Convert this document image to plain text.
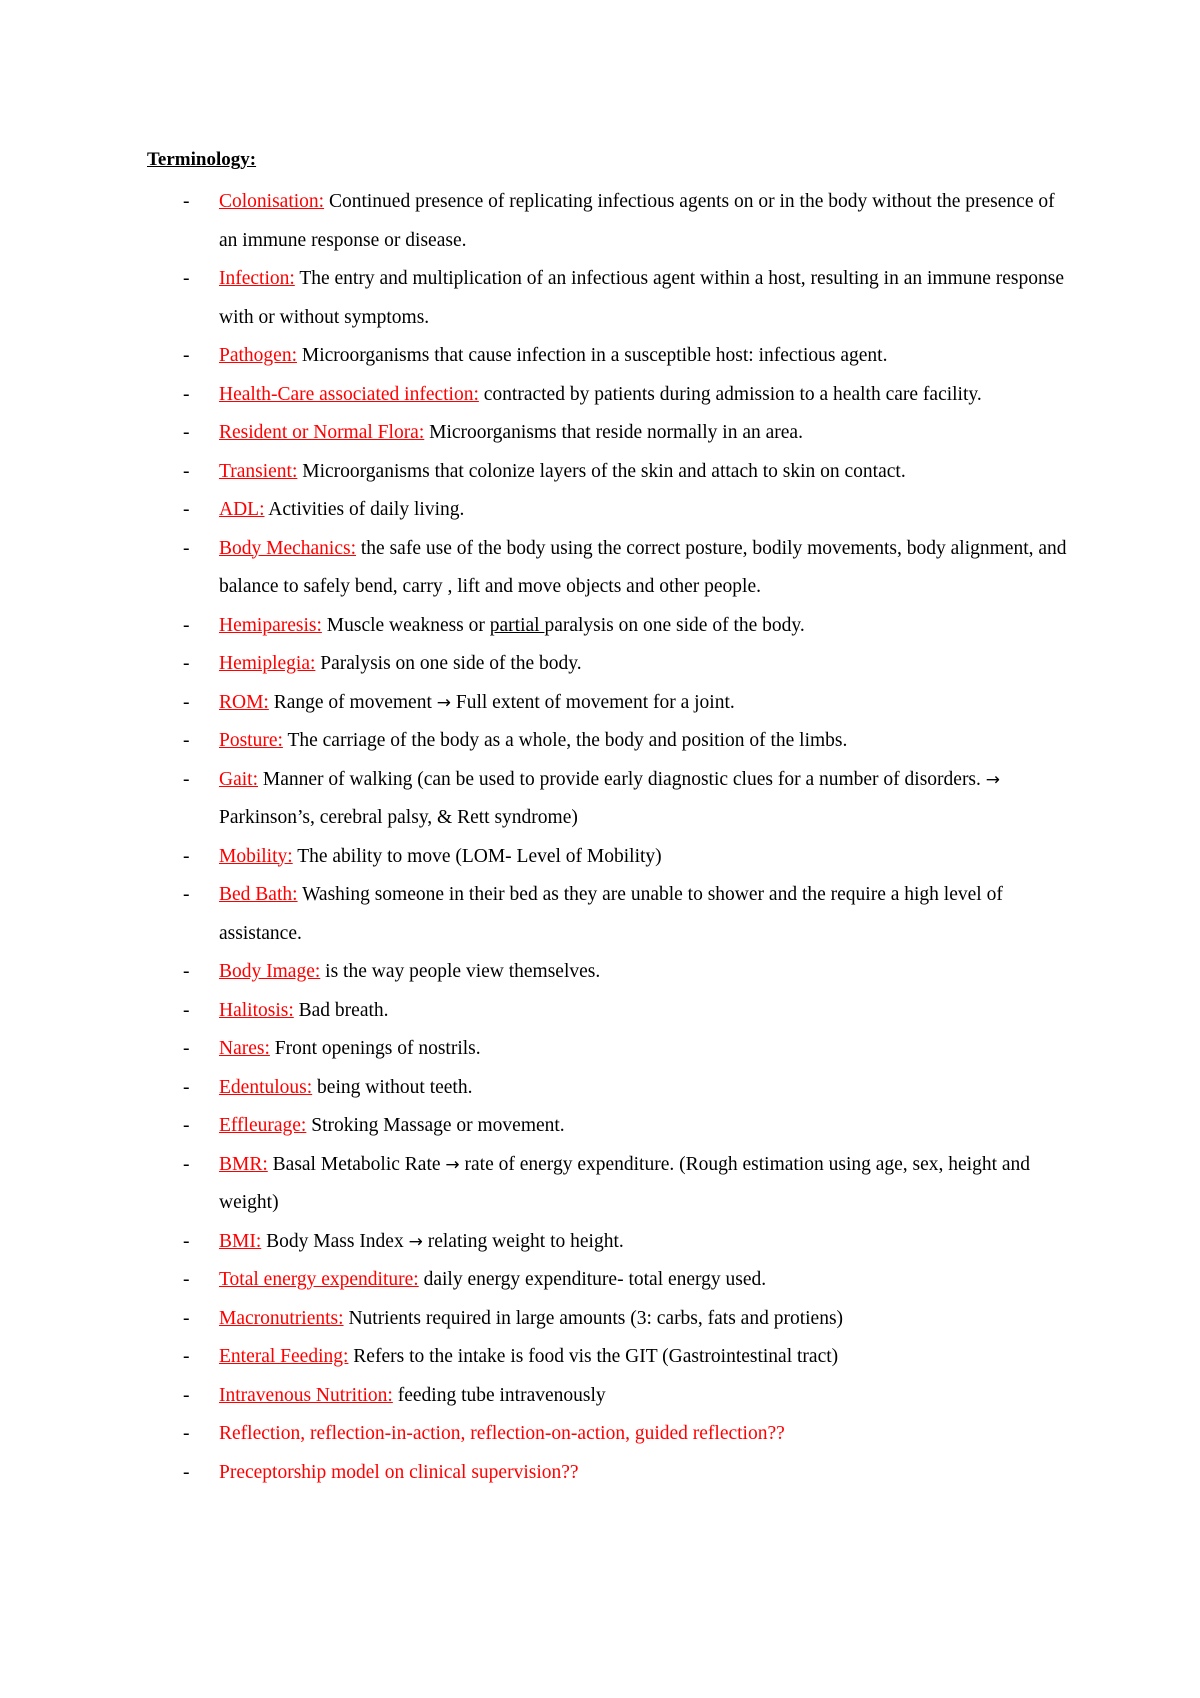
Terminology:
- Colonisation: Continued presence of replicating infectious agents on or in the body without the presence of an immune response or disease.
- Infection: The entry and multiplication of an infectious agent within a host, resulting in an immune response with or without symptoms.
- Pathogen: Microorganisms that cause infection in a susceptible host: infectious agent.
- Health-Care associated infection: contracted by patients during admission to a health care facility.
- Resident or Normal Flora: Microorganisms that reside normally in an area.
- Transient: Microorganisms that colonize layers of the skin and attach to skin on contact.
- ADL: Activities of daily living.
- Body Mechanics: the safe use of the body using the correct posture, bodily movements, body alignment, and balance to safely bend, carry , lift and move objects and other people.
- Hemiparesis: Muscle weakness or partial paralysis on one side of the body.
- Hemiplegia: Paralysis on one side of the body.
- ROM: Range of movement → Full extent of movement for a joint.
- Posture: The carriage of the body as a whole, the body and position of the limbs.
- Gait: Manner of walking (can be used to provide early diagnostic clues for a number of disorders. → Parkinson’s, cerebral palsy, & Rett syndrome)
- Mobility: The ability to move (LOM- Level of Mobility)
- Bed Bath: Washing someone in their bed as they are unable to shower and the require a high level of assistance.
- Body Image: is the way people view themselves.
- Halitosis: Bad breath.
- Nares: Front openings of nostrils.
- Edentulous: being without teeth.
- Effleurage: Stroking Massage or movement.
- BMR: Basal Metabolic Rate → rate of energy expenditure. (Rough estimation using age, sex, height and weight)
- BMI: Body Mass Index → relating weight to height.
- Total energy expenditure: daily energy expenditure- total energy used.
- Macronutrients: Nutrients required in large amounts (3: carbs, fats and protiens)
- Enteral Feeding: Refers to the intake is food vis the GIT (Gastrointestinal tract)
- Intravenous Nutrition: feeding tube intravenously
- Reflection, reflection-in-action, reflection-on-action, guided reflection??
- Preceptorship model on clinical supervision??
